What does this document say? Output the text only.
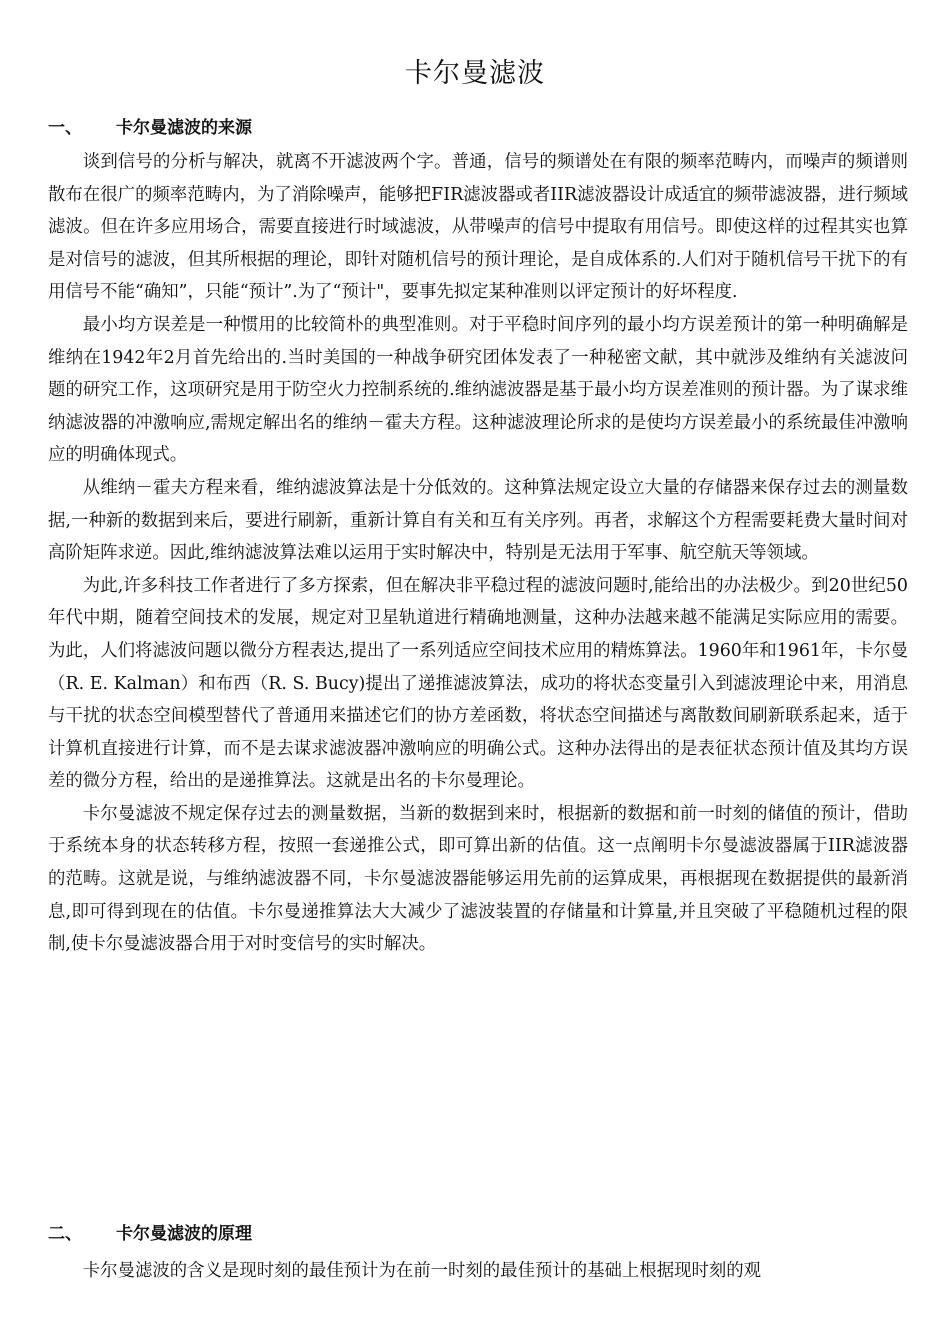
卡尔曼滤波
一、 卡尔曼滤波的来源

谈到信号的分析与解决，就离不开滤波两个字。普通，信号的频谱处在有限的频率范畴内，而噪声的频谱则散布在很广的频率范畴内，为了消除噪声，能够把FIR滤波器或者IIR滤波器设计成适宜的频带滤波器，进行频域滤波。但在许多应用场合，需要直接进行时域滤波，从带噪声的信号中提取有用信号。即使这样的过程其实也算是对信号的滤波，但其所根据的理论，即针对随机信号的预计理论，是自成体系的.人们对于随机信号干扰下的有用信号不能“确知”，只能“预计”.为了“预计"，要事先拟定某种准则以评定预计的好坏程度.

最小均方误差是一种惯用的比较简朴的典型准则。对于平稳时间序列的最小均方误差预计的第一种明确解是维纳在1942年2月首先给出的.当时美国的一种战争研究团体发表了一种秘密文献，其中就涉及维纳有关滤波问题的研究工作，这项研究是用于防空火力控制系统的.维纳滤波器是基于最小均方误差准则的预计器。为了谋求维纳滤波器的冲激响应,需规定解出名的维纳－霍夫方程。这种滤波理论所求的是使均方误差最小的系统最佳冲激响应的明确体现式。

从维纳－霍夫方程来看，维纳滤波算法是十分低效的。这种算法规定设立大量的存储器来保存过去的测量数据,一种新的数据到来后，要进行刷新，重新计算自有关和互有关序列。再者，求解这个方程需要耗费大量时间对高阶矩阵求逆。因此,维纳滤波算法难以运用于实时解决中，特别是无法用于军事、航空航天等领域。

为此,许多科技工作者进行了多方探索，但在解决非平稳过程的滤波问题时,能给出的办法极少。到20世纪50年代中期，随着空间技术的发展，规定对卫星轨道进行精确地测量，这种办法越来越不能满足实际应用的需要。为此，人们将滤波问题以微分方程表达,提出了一系列适应空间技术应用的精炼算法。1960年和1961年，卡尔曼（R. E. Kalman）和布西（R. S. Bucy)提出了递推滤波算法，成功的将状态变量引入到滤波理论中来，用消息与干扰的状态空间模型替代了普通用来描述它们的协方差函数，将状态空间描述与离散数间刷新联系起来，适于计算机直接进行计算，而不是去谋求滤波器冲激响应的明确公式。这种办法得出的是表征状态预计值及其均方误差的微分方程，给出的是递推算法。这就是出名的卡尔曼理论。

卡尔曼滤波不规定保存过去的测量数据，当新的数据到来时，根据新的数据和前一时刻的储值的预计，借助于系统本身的状态转移方程，按照一套递推公式，即可算出新的估值。这一点阐明卡尔曼滤波器属于IIR滤波器的范畴。这就是说，与维纳滤波器不同，卡尔曼滤波器能够运用先前的运算成果，再根据现在数据提供的最新消息,即可得到现在的估值。卡尔曼递推算法大大减少了滤波装置的存储量和计算量,并且突破了平稳随机过程的限制,使卡尔曼滤波器合用于对时变信号的实时解决。

二、 卡尔曼滤波的原理

卡尔曼滤波的含义是现时刻的最佳预计为在前一时刻的最佳预计的基础上根据现时刻的观
